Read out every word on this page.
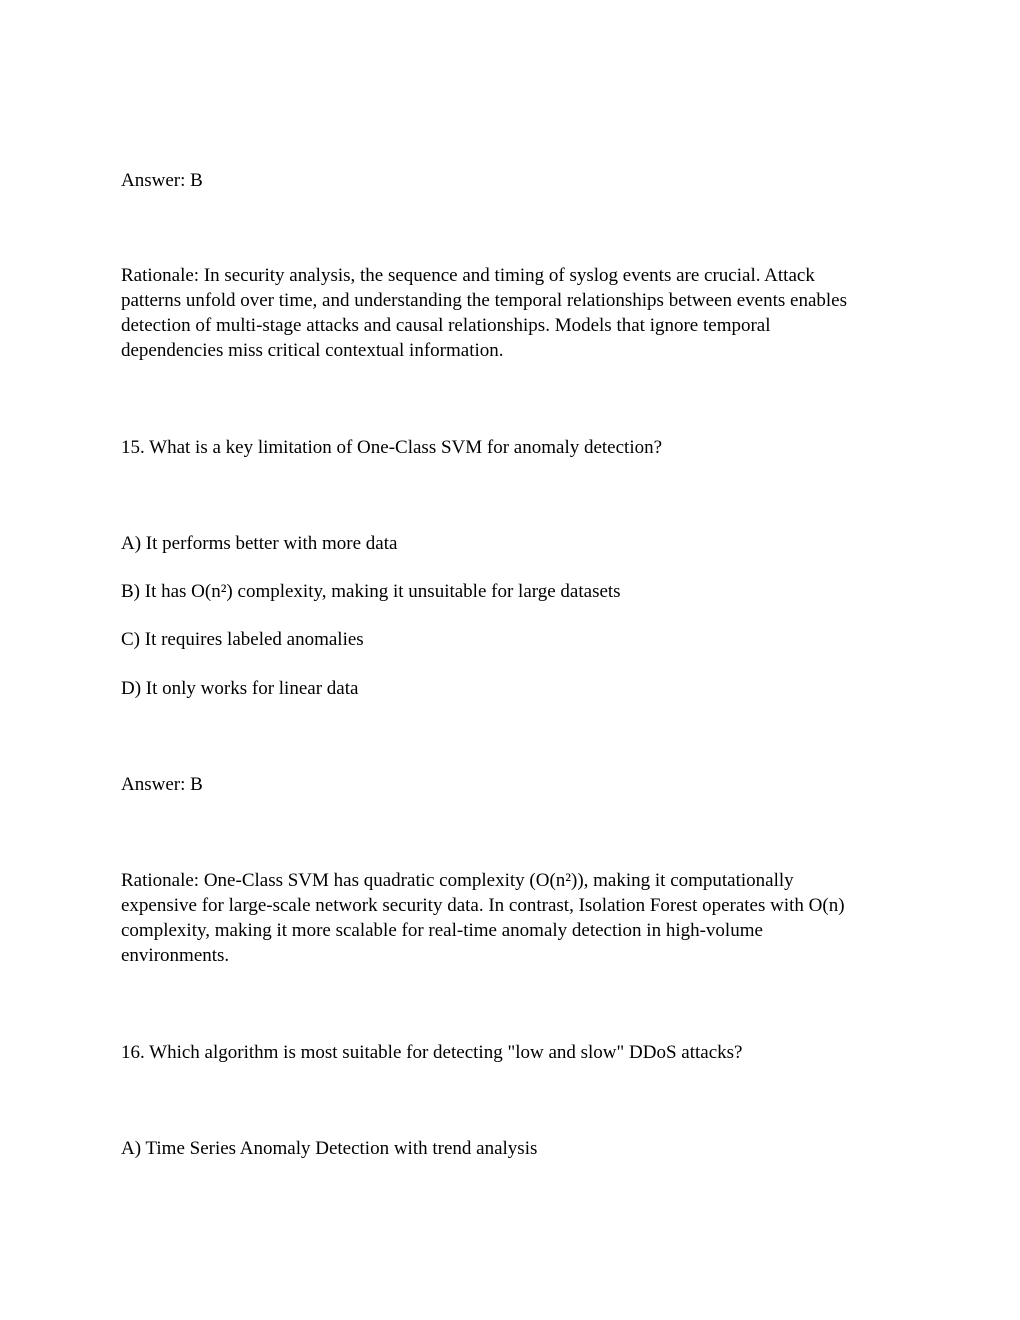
Answer: B
Rationale: In security analysis, the sequence and timing of syslog events are crucial. Attack
patterns unfold over time, and understanding the temporal relationships between events enables
detection of multi-stage attacks and causal relationships. Models that ignore temporal
dependencies miss critical contextual information.
15. What is a key limitation of One-Class SVM for anomaly detection?
A) It performs better with more data
B) It has O(n²) complexity, making it unsuitable for large datasets
C) It requires labeled anomalies
D) It only works for linear data
Answer: B
Rationale: One-Class SVM has quadratic complexity (O(n²)), making it computationally
expensive for large-scale network security data. In contrast, Isolation Forest operates with O(n)
complexity, making it more scalable for real-time anomaly detection in high-volume
environments.
16. Which algorithm is most suitable for detecting "low and slow" DDoS attacks?
A) Time Series Anomaly Detection with trend analysis
